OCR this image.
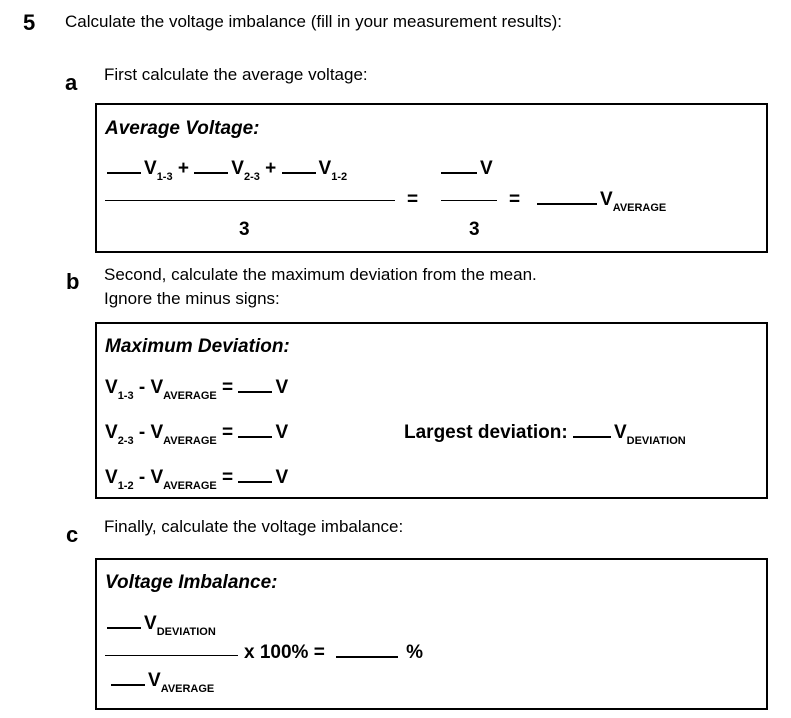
5 Calculate the voltage imbalance (fill in your measurement results):
a First calculate the average voltage:
Average Voltage:
$V_{1-3} + V_{2-3} + V_{1-2}$
3
=
V
3
=	$V_{AVERAGE}$
b Second, calculate the maximum deviation from the mean.
Ignore the minus signs:
Maximum Deviation:
$V_{1-3} - V_{AVERAGE} = V$
$V_{2-3} - V_{AVERAGE} = V$
$V_{1-2} - V_{AVERAGE} = V$
Largest deviation: $V_{DEVIATION}$
c Finally, calculate the voltage imbalance:
Voltage Imbalance:
$V_{DEVIATION}$
$V_{AVERAGE}$
x 100% =	%
